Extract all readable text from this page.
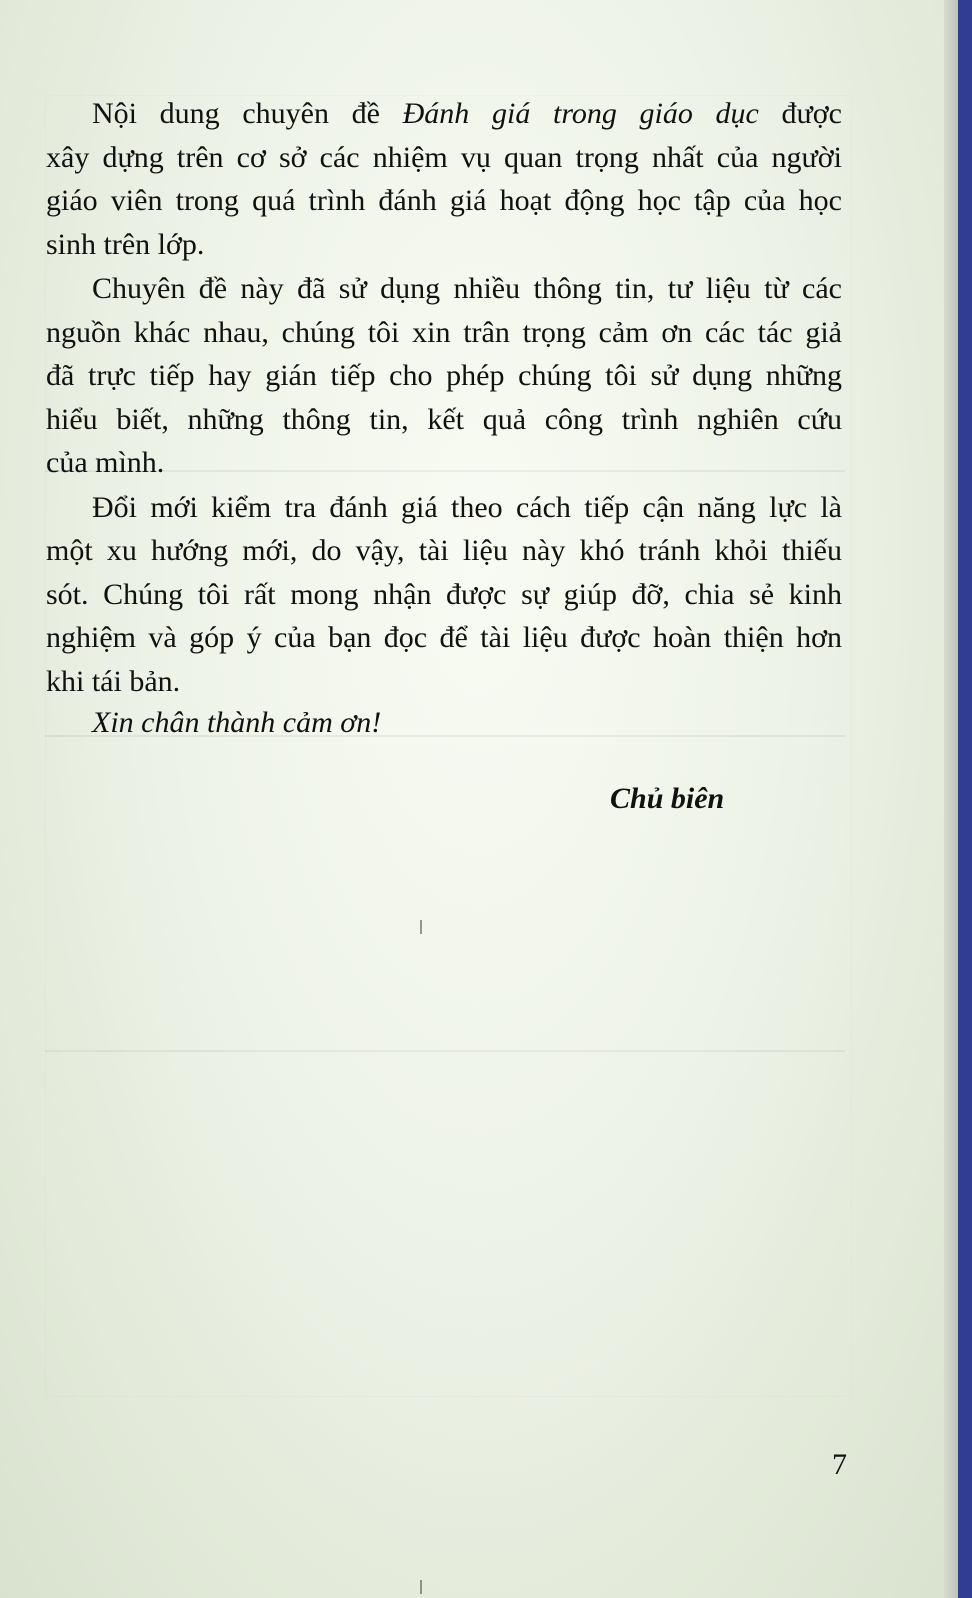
Nội dung chuyên đề Đánh giá trong giáo dục được
xây dựng trên cơ sở các nhiệm vụ quan trọng nhất của người
giáo viên trong quá trình đánh giá hoạt động học tập của học
sinh trên lớp.

Chuyên đề này đã sử dụng nhiều thông tin, tư liệu từ các
nguồn khác nhau, chúng tôi xin trân trọng cảm ơn các tác giả
đã trực tiếp hay gián tiếp cho phép chúng tôi sử dụng những
hiểu biết, những thông tin, kết quả công trình nghiên cứu
của mình.

Đổi mới kiểm tra đánh giá theo cách tiếp cận năng lực là
một xu hướng mới, do vậy, tài liệu này khó tránh khỏi thiếu
sót. Chúng tôi rất mong nhận được sự giúp đỡ, chia sẻ kinh
nghiệm và góp ý của bạn đọc để tài liệu được hoàn thiện hơn
khi tái bản.

Xin chân thành cảm ơn!
Chủ biên
7
